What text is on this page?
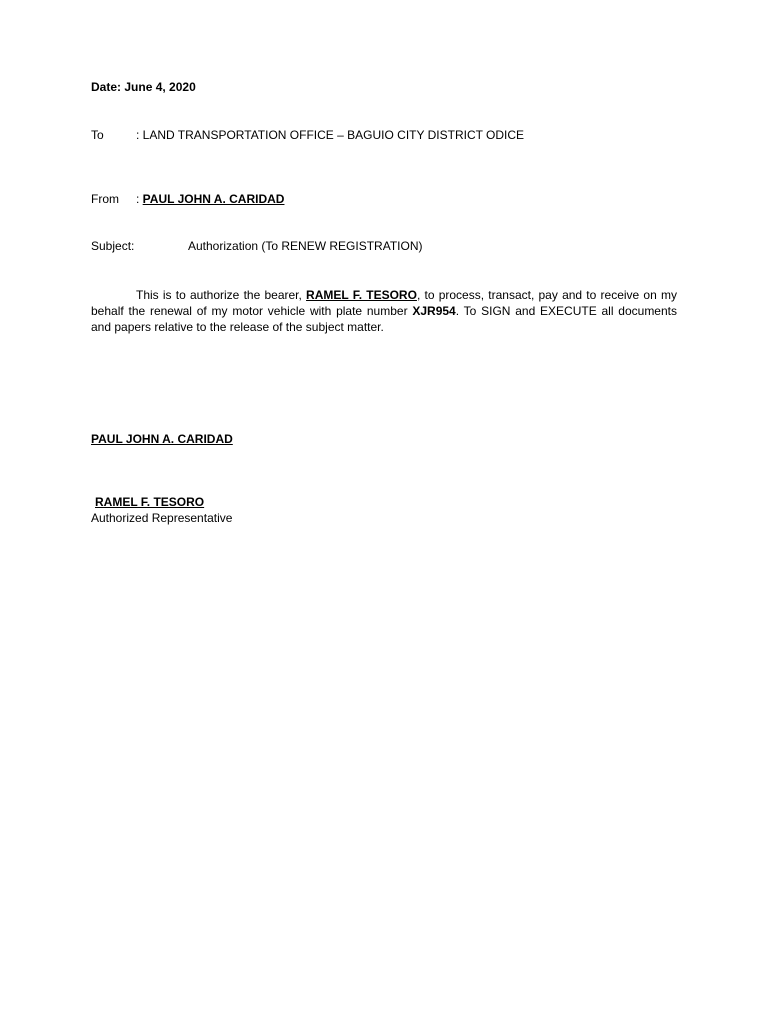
Date: June 4, 2020
To	: LAND TRANSPORTATION OFFICE – BAGUIO CITY DISTRICT ODICE
From : PAUL JOHN A. CARIDAD
Subject:	Authorization (To RENEW REGISTRATION)
This is to authorize the bearer, RAMEL F. TESORO, to process, transact, pay and to receive on my behalf the renewal of my motor vehicle with plate number XJR954. To SIGN and EXECUTE all documents and papers relative to the release of the subject matter.
PAUL JOHN A. CARIDAD
RAMEL F. TESORO
Authorized Representative
